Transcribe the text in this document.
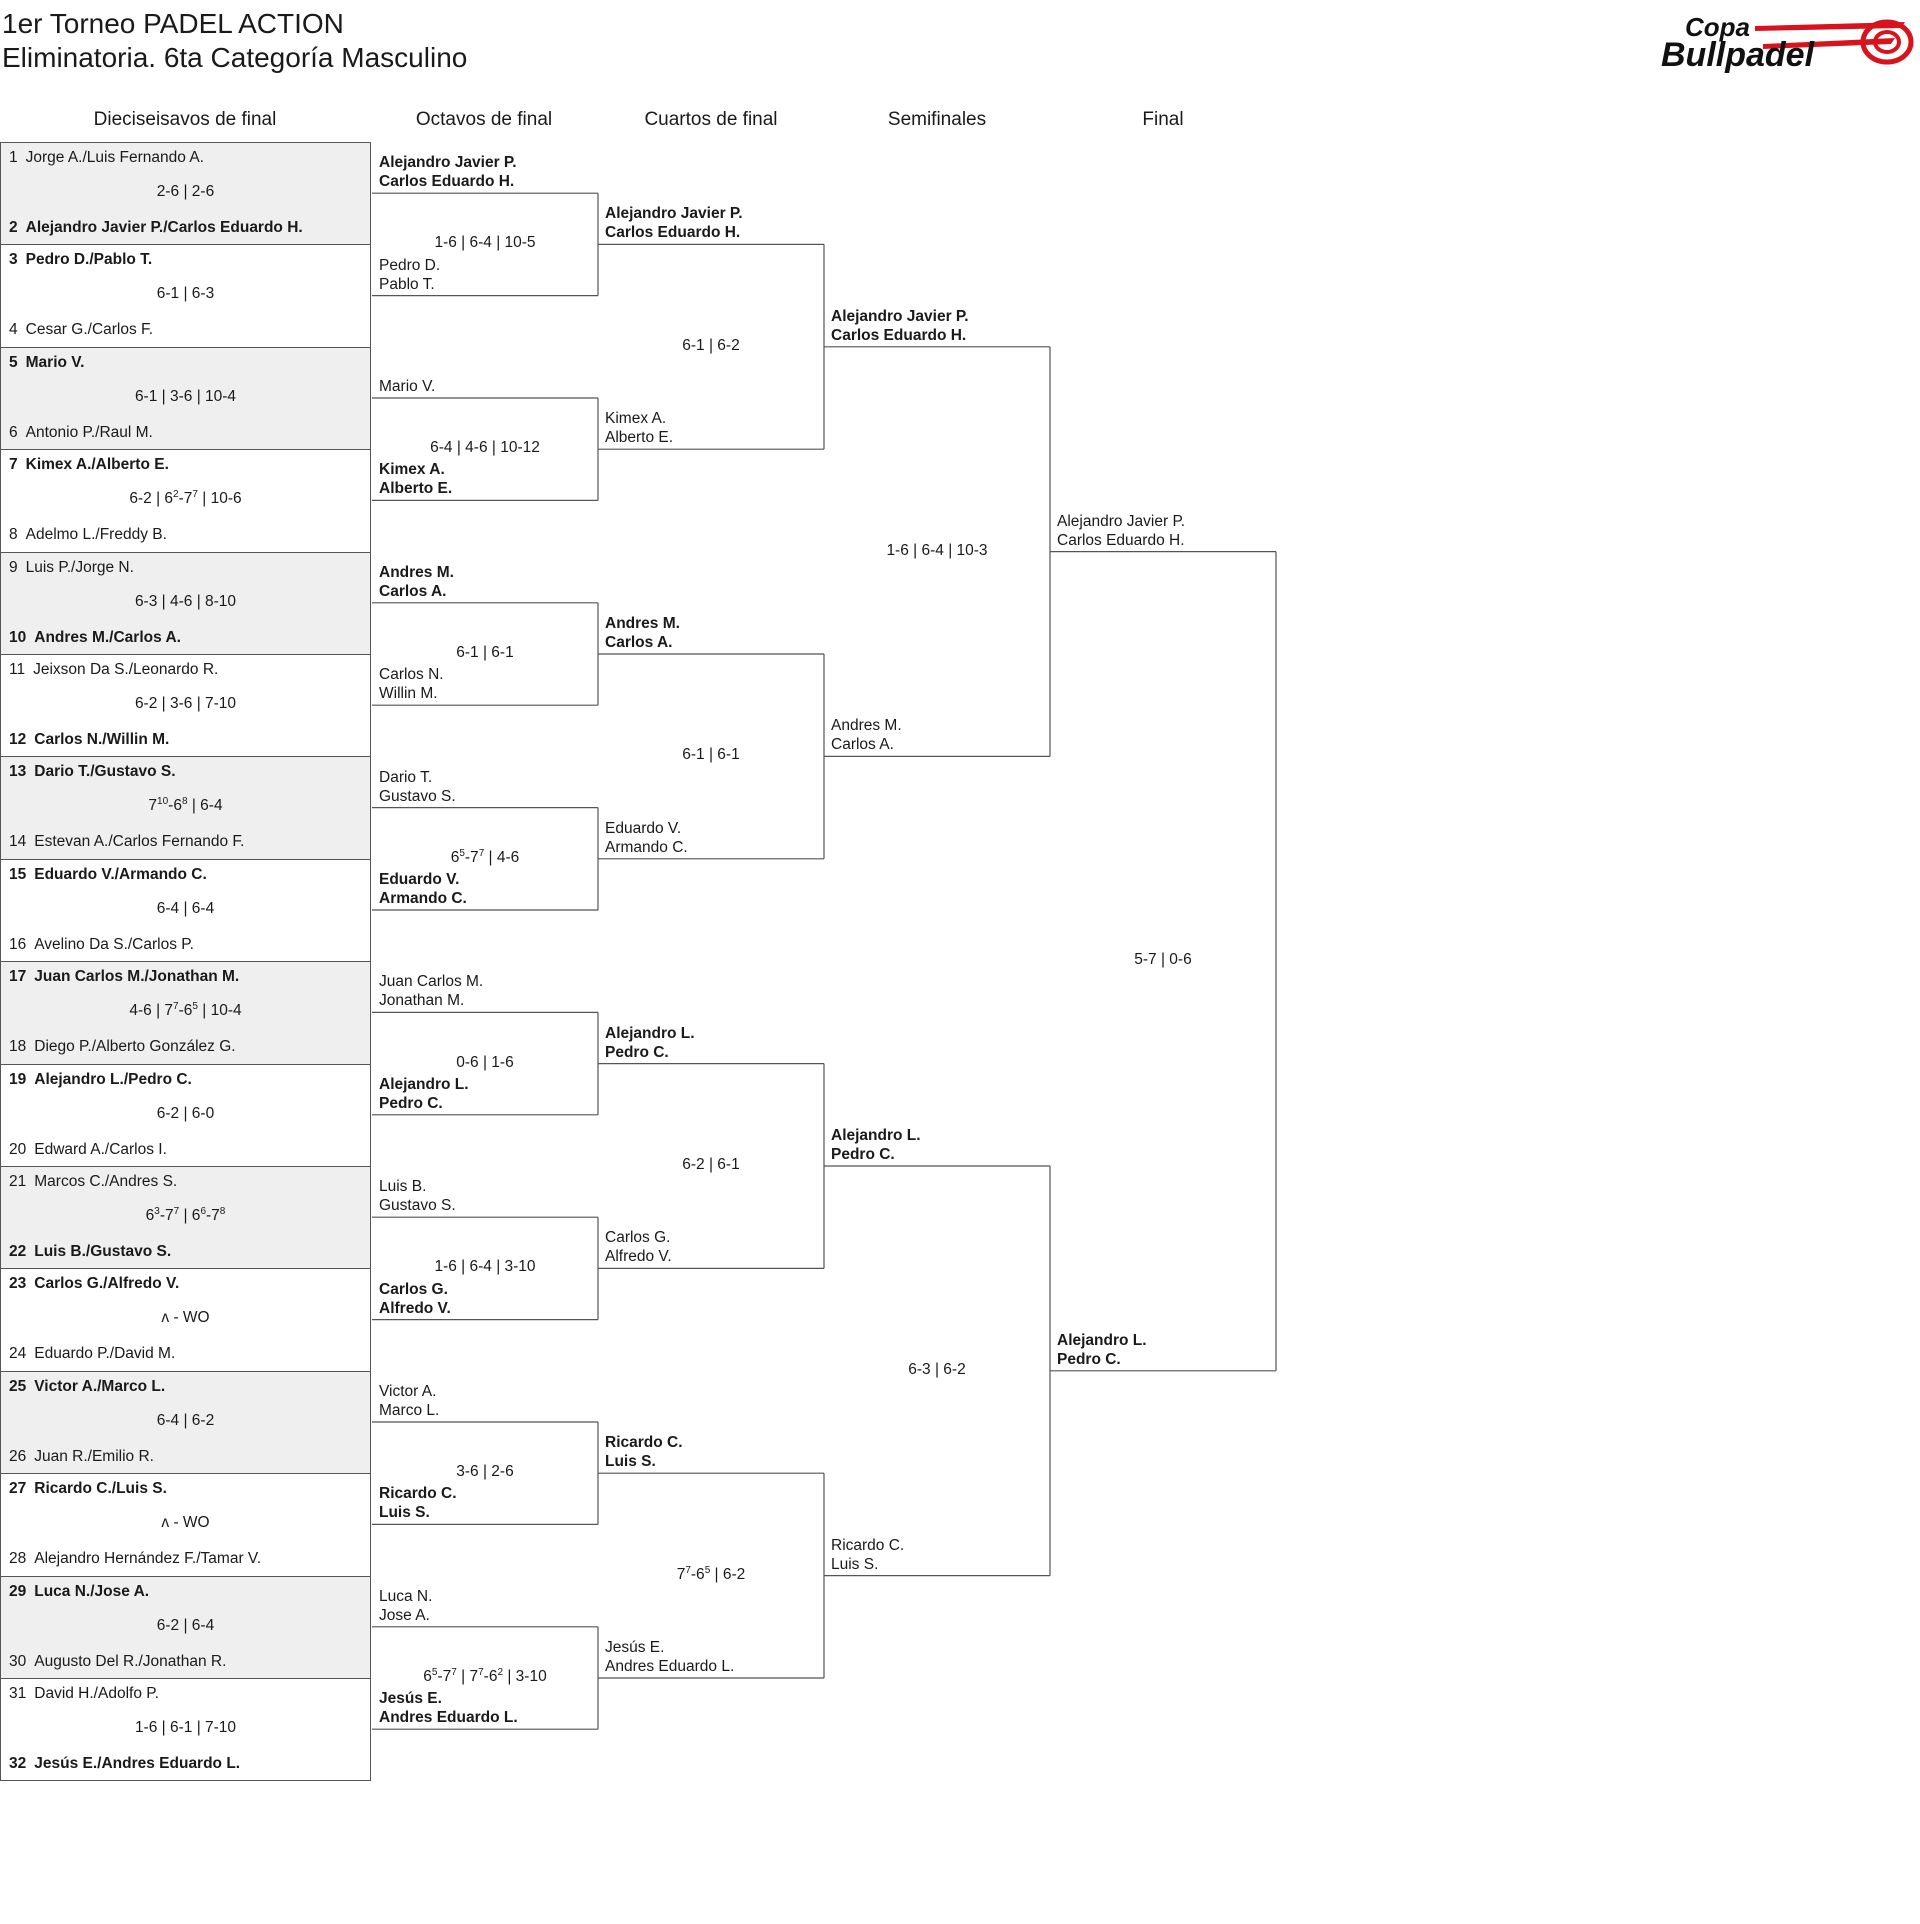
1er Torneo PADEL ACTION
Eliminatoria. 6ta Categoría Masculino
Copa
Bullpadel
Dieciseisavos de final	Octavos de final	Cuartos de final	Semifinales	Final
1 Jorge A./Luis Fernando A.
2 Alejandro Javier P./Carlos Eduardo H.
2-6 | 2-6
3 Pedro D./Pablo T.
4 Cesar G./Carlos F.
6-1 | 6-3
5 Mario V.
6 Antonio P./Raul M.
6-1 | 3-6 | 10-4
7 Kimex A./Alberto E.
8 Adelmo L./Freddy B.
6-2 | $6^2-7^7$ | 10-6
9 Luis P./Jorge N.
10 Andres M./Carlos A.
6-3 | 4-6 | 8-10
11 Jeixson Da S./Leonardo R.
12 Carlos N./Willin M.
6-2 | 3-6 | 7-10
13 Dario T./Gustavo S.
14 Estevan A./Carlos Fernando F.
$7^{10}-6^8$ | 6-4
15 Eduardo V./Armando C.
16 Avelino Da S./Carlos P.
6-4 | 6-4
17 Juan Carlos M./Jonathan M.
18 Diego P./Alberto González G.
4-6 | $7^7-6^5$ | 10-4
19 Alejandro L./Pedro C.
20 Edward A./Carlos I.
6-2 | 6-0
21 Marcos C./Andres S.
22 Luis B./Gustavo S.
$6^3-7^7$ | $6^6-7^8$
23 Carlos G./Alfredo V.
24 Eduardo P./David M.
ʌ - WO
25 Victor A./Marco L.
26 Juan R./Emilio R.
6-4 | 6-2
27 Ricardo C./Luis S.
28 Alejandro Hernández F./Tamar V.
ʌ - WO
29 Luca N./Jose A.
30 Augusto Del R./Jonathan R.
6-2 | 6-4
31 David H./Adolfo P.
32 Jesús E./Andres Eduardo L.
1-6 | 6-1 | 7-10
Alejandro Javier P.
Carlos Eduardo H.
Pedro D.
Pablo T.
1-6 | 6-4 | 10-5
Mario V.
Kimex A.
Alberto E.
6-4 | 4-6 | 10-12
Andres M.
Carlos A.
Carlos N.
Willin M.
6-1 | 6-1
Dario T.
Gustavo S.
Eduardo V.
Armando C.
$6^5-7^7$ | 4-6
Juan Carlos M.
Jonathan M.
Alejandro L.
Pedro C.
0-6 | 1-6
Luis B.
Gustavo S.
Carlos G.
Alfredo V.
1-6 | 6-4 | 3-10
Victor A.
Marco L.
Ricardo C.
Luis S.
3-6 | 2-6
Luca N.
Jose A.
Jesús E.
Andres Eduardo L.
$6^5-7^7$ | $7^7-6^2$ | 3-10
Alejandro Javier P.
Carlos Eduardo H.
Kimex A.
Alberto E.
6-1 | 6-2
Andres M.
Carlos A.
Eduardo V.
Armando C.
6-1 | 6-1
Alejandro L.
Pedro C.
Carlos G.
Alfredo V.
6-2 | 6-1
Ricardo C.
Luis S.
Jesús E.
Andres Eduardo L.
$7^7-6^5$ | 6-2
Alejandro Javier P.
Carlos Eduardo H.
Andres M.
Carlos A.
1-6 | 6-4 | 10-3
Alejandro L.
Pedro C.
Ricardo C.
Luis S.
6-3 | 6-2
Alejandro Javier P.
Carlos Eduardo H.
Alejandro L.
Pedro C.
5-7 | 0-6
